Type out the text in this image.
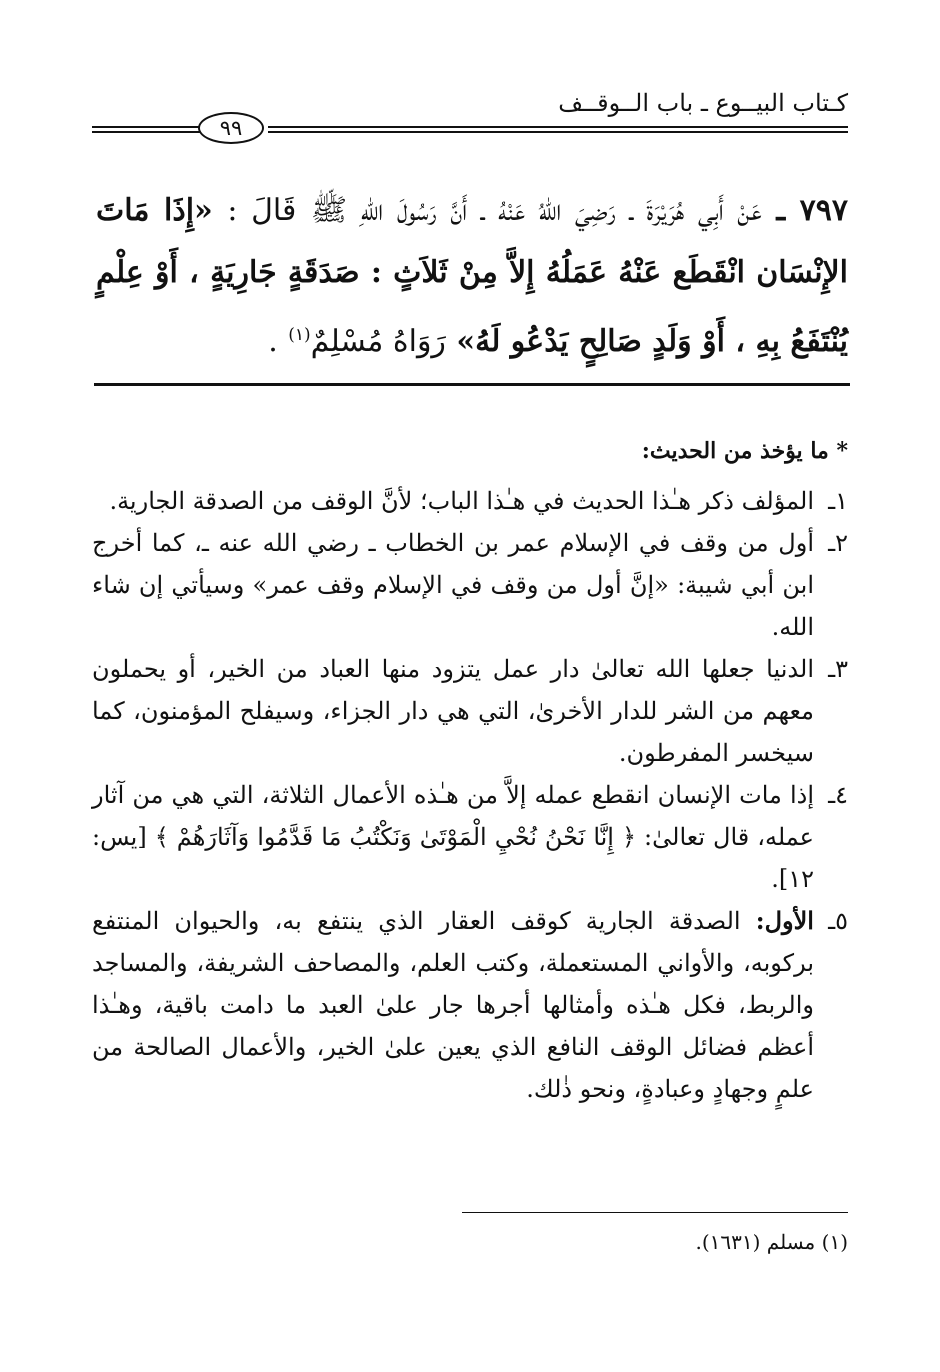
كـتاب البيــوع ـ باب الــوقــف
٩٩
٧٩٧ ـ عَنْ أَبِي هُرَيْرَةَ ـ رَضِيَ اللهُ عَنْهُ ـ أَنَّ رَسُولَ اللهِ ﷺ قَالَ : «إِذَا مَاتَ الإِنْسَان انْقَطَع عَنْهُ عَمَلُهُ إِلاَّ مِنْ ثَلاَثٍ : صَدَقَةٍ جَارِيَةٍ ، أَوْ عِلْمٍ يُنْتَفَعُ بِهِ ، أَوْ وَلَدٍ صَالِحٍ يَدْعُو لَهُ» رَوَاهُ مُسْلِمٌ$^{(١)}$ .
* ما يؤخذ من الحديث:
١ـ
المؤلف ذكر هـٰذا الحديث في هـٰذا الباب؛ لأنَّ الوقف من الصدقة الجارية.
٢ـ
أول من وقف في الإسلام عمر بن الخطاب ـ رضي الله عنه ـ، كما أخرج ابن أبي شيبة: «إنَّ أول من وقف في الإسلام وقف عمر» وسيأتي إن شاء الله.
٣ـ
الدنيا جعلها الله تعالىٰ دار عمل يتزود منها العباد من الخير، أو يحملون معهم من الشر للدار الأخرىٰ، التي هي دار الجزاء، وسيفلح المؤمنون، كما سيخسر المفرطون.
٤ـ
إذا مات الإنسان انقطع عمله إلاَّ من هـٰذه الأعمال الثلاثة، التي هي من آثار عمله، قال تعالىٰ: ﴿ إِنَّا نَحْنُ نُحْيِ الْمَوْتَىٰ وَنَكْتُبُ مَا قَدَّمُوا وَآثَارَهُمْ ﴾ [يس: ١٢].
٥ـ
الأول: الصدقة الجارية كوقف العقار الذي ينتفع به، والحيوان المنتفع بركوبه، والأواني المستعملة، وكتب العلم، والمصاحف الشريفة، والمساجد والربط، فكل هـٰذه وأمثالها أجرها جار علىٰ العبد ما دامت باقية، وهـٰذا أعظم فضائل الوقف النافع الذي يعين علىٰ الخير، والأعمال الصالحة من علمٍ وجهادٍ وعبادةٍ، ونحو ذٰلك.
(١) مسلم (١٦٣١).
